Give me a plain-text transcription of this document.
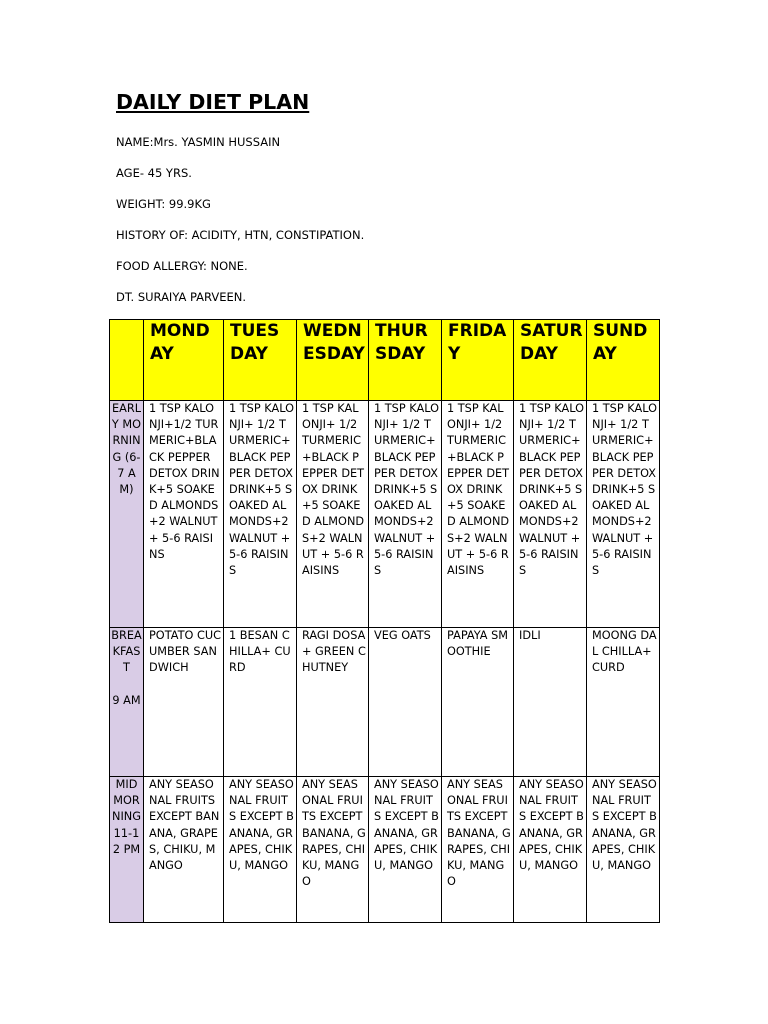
DAILY DIET PLAN

NAME:Mrs. YASMIN HUSSAIN

AGE- 45 YRS.

WEIGHT: 99.9KG

HISTORY OF: ACIDITY, HTN, CONSTIPATION.

FOOD ALLERGY: NONE.

DT. SURAIYA PARVEEN.

	MONDAY	TUESDAY	WEDNESDAY	THURSDAY	FRIDAY	SATURDAY	SUNDAY

EARLY MORNING (6-7 AM)	1 TSP KALONJI+1/2 TURMERIC+BLACK PEPPER DETOX DRINK+5 SOAKED ALMONDS+2 WALNUT+ 5-6 RAISINS	1 TSP KALONJI+ 1/2 TURMERIC+BLACK PEPPER DETOX DRINK+5 SOAKED ALMONDS+2 WALNUT + 5-6 RAISINS	1 TSP KALONJI+ 1/2 TURMERIC+BLACK PEPPER DETOX DRINK+5 SOAKED ALMONDS+2 WALNUT + 5-6 RAISINS	1 TSP KALONJI+ 1/2 TURMERIC+BLACK PEPPER DETOX DRINK+5 SOAKED ALMONDS+2 WALNUT + 5-6 RAISINS	1 TSP KALONJI+ 1/2 TURMERIC+BLACK PEPPER DETOX DRINK+5 SOAKED ALMONDS+2 WALNUT + 5-6 RAISINS	1 TSP KALONJI+ 1/2 TURMERIC+BLACK PEPPER DETOX DRINK+5 SOAKED ALMONDS+2 WALNUT + 5-6 RAISINS	1 TSP KALONJI+ 1/2 TURMERIC+BLACK PEPPER DETOX DRINK+5 SOAKED ALMONDS+2 WALNUT + 5-6 RAISINS

BREAKFAST

9 AM	POTATO CUCUMBER SANDWICH	1 BESAN CHILLA+ CURD	RAGI DOSA+ GREEN CHUTNEY	VEG OATS	PAPAYA SMOOTHIE	IDLI	MOONG DAL CHILLA+ CURD

MID MORNING 11-12 PM	ANY SEASONAL FRUITS EXCEPT BANANA, GRAPES, CHIKU, MANGO	ANY SEASONAL FRUITS EXCEPT BANANA, GRAPES, CHIKU, MANGO	ANY SEASONAL FRUITS EXCEPT BANANA, GRAPES, CHIKU, MANGO	ANY SEASONAL FRUITS EXCEPT BANANA, GRAPES, CHIKU, MANGO	ANY SEASONAL FRUITS EXCEPT BANANA, GRAPES, CHIKU, MANGO	ANY SEASONAL FRUITS EXCEPT BANANA, GRAPES, CHIKU, MANGO	ANY SEASONAL FRUITS EXCEPT BANANA, GRAPES, CHIKU, MANGO
